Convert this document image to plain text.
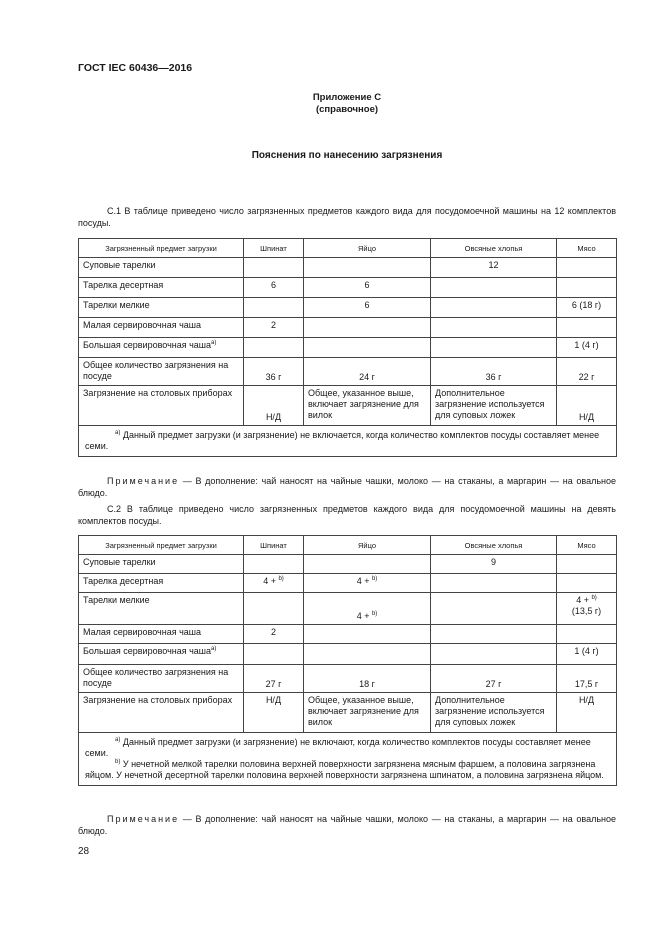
ГОСТ IEC 60436—2016
Приложение С
(справочное)
Пояснения по нанесению загрязнения
С.1 В таблице приведено число загрязненных предметов каждого вида для посудомоечной машины на 12 комплектов посуды.
Загрязненный предмет загрузки	Шпинат	Яйцо	Овсяные хлопья	Мясо
Суповые тарелки			12	
Тарелка десертная	6	6		
Тарелки мелкие		6		6 (18 г)
Малая сервировочная чаша	2			
Большая сервировочная чаша$^{а)}$				1 (4 г)
Общее количество загрязнения на посуде	36 г	24 г	36 г	22 г
Загрязнение на столовых приборах	Н/Д	Общее, указанное выше, включает загрязнение для вилок	Дополнительное загрязнение используется для суповых ложек	Н/Д
$^{а)}$ Данный предмет загрузки (и загрязнение) не включается, когда количество комплектов посуды составляет менее семи.				
Примечание — В дополнение: чай наносят на чайные чашки, молоко — на стаканы, а маргарин — на овальное блюдо.
С.2 В таблице приведено число загрязненных предметов каждого вида для посудомоечной машины на девять комплектов посуды.
Загрязненный предмет загрузки	Шпинат	Яйцо	Овсяные хлопья	Мясо
Суповые тарелки			9	
Тарелка десертная	4 + $^{b)}$	4 + $^{b)}$		
Тарелки мелкие		4 + $^{b)}$		4 + $^{b)}$
(13,5 г)
Малая сервировочная чаша	2			
Большая сервировочная чаша$^{а)}$				1 (4 г)
Общее количество загрязнения на посуде	27 г	18 г	27 г	17,5 г
Загрязнение на столовых приборах	Н/Д	Общее, указанное выше, включает загрязнение для вилок	Дополнительное загрязнение используется для суповых ложек	Н/Д

$^{а)}$ Данный предмет загрузки (и загрязнение) не включают, когда количество комплектов посуды составляет менее семи.
$^{b)}$ У нечетной мелкой тарелки половина верхней поверхности загрязнена мясным фаршем, а половина загрязнена яйцом. У нечетной десертной тарелки половина верхней поверхности загрязнена шпинатом, а половина загрязнена яйцом.				
Примечание — В дополнение: чай наносят на чайные чашки, молоко — на стаканы, а маргарин — на овальное блюдо.
28
